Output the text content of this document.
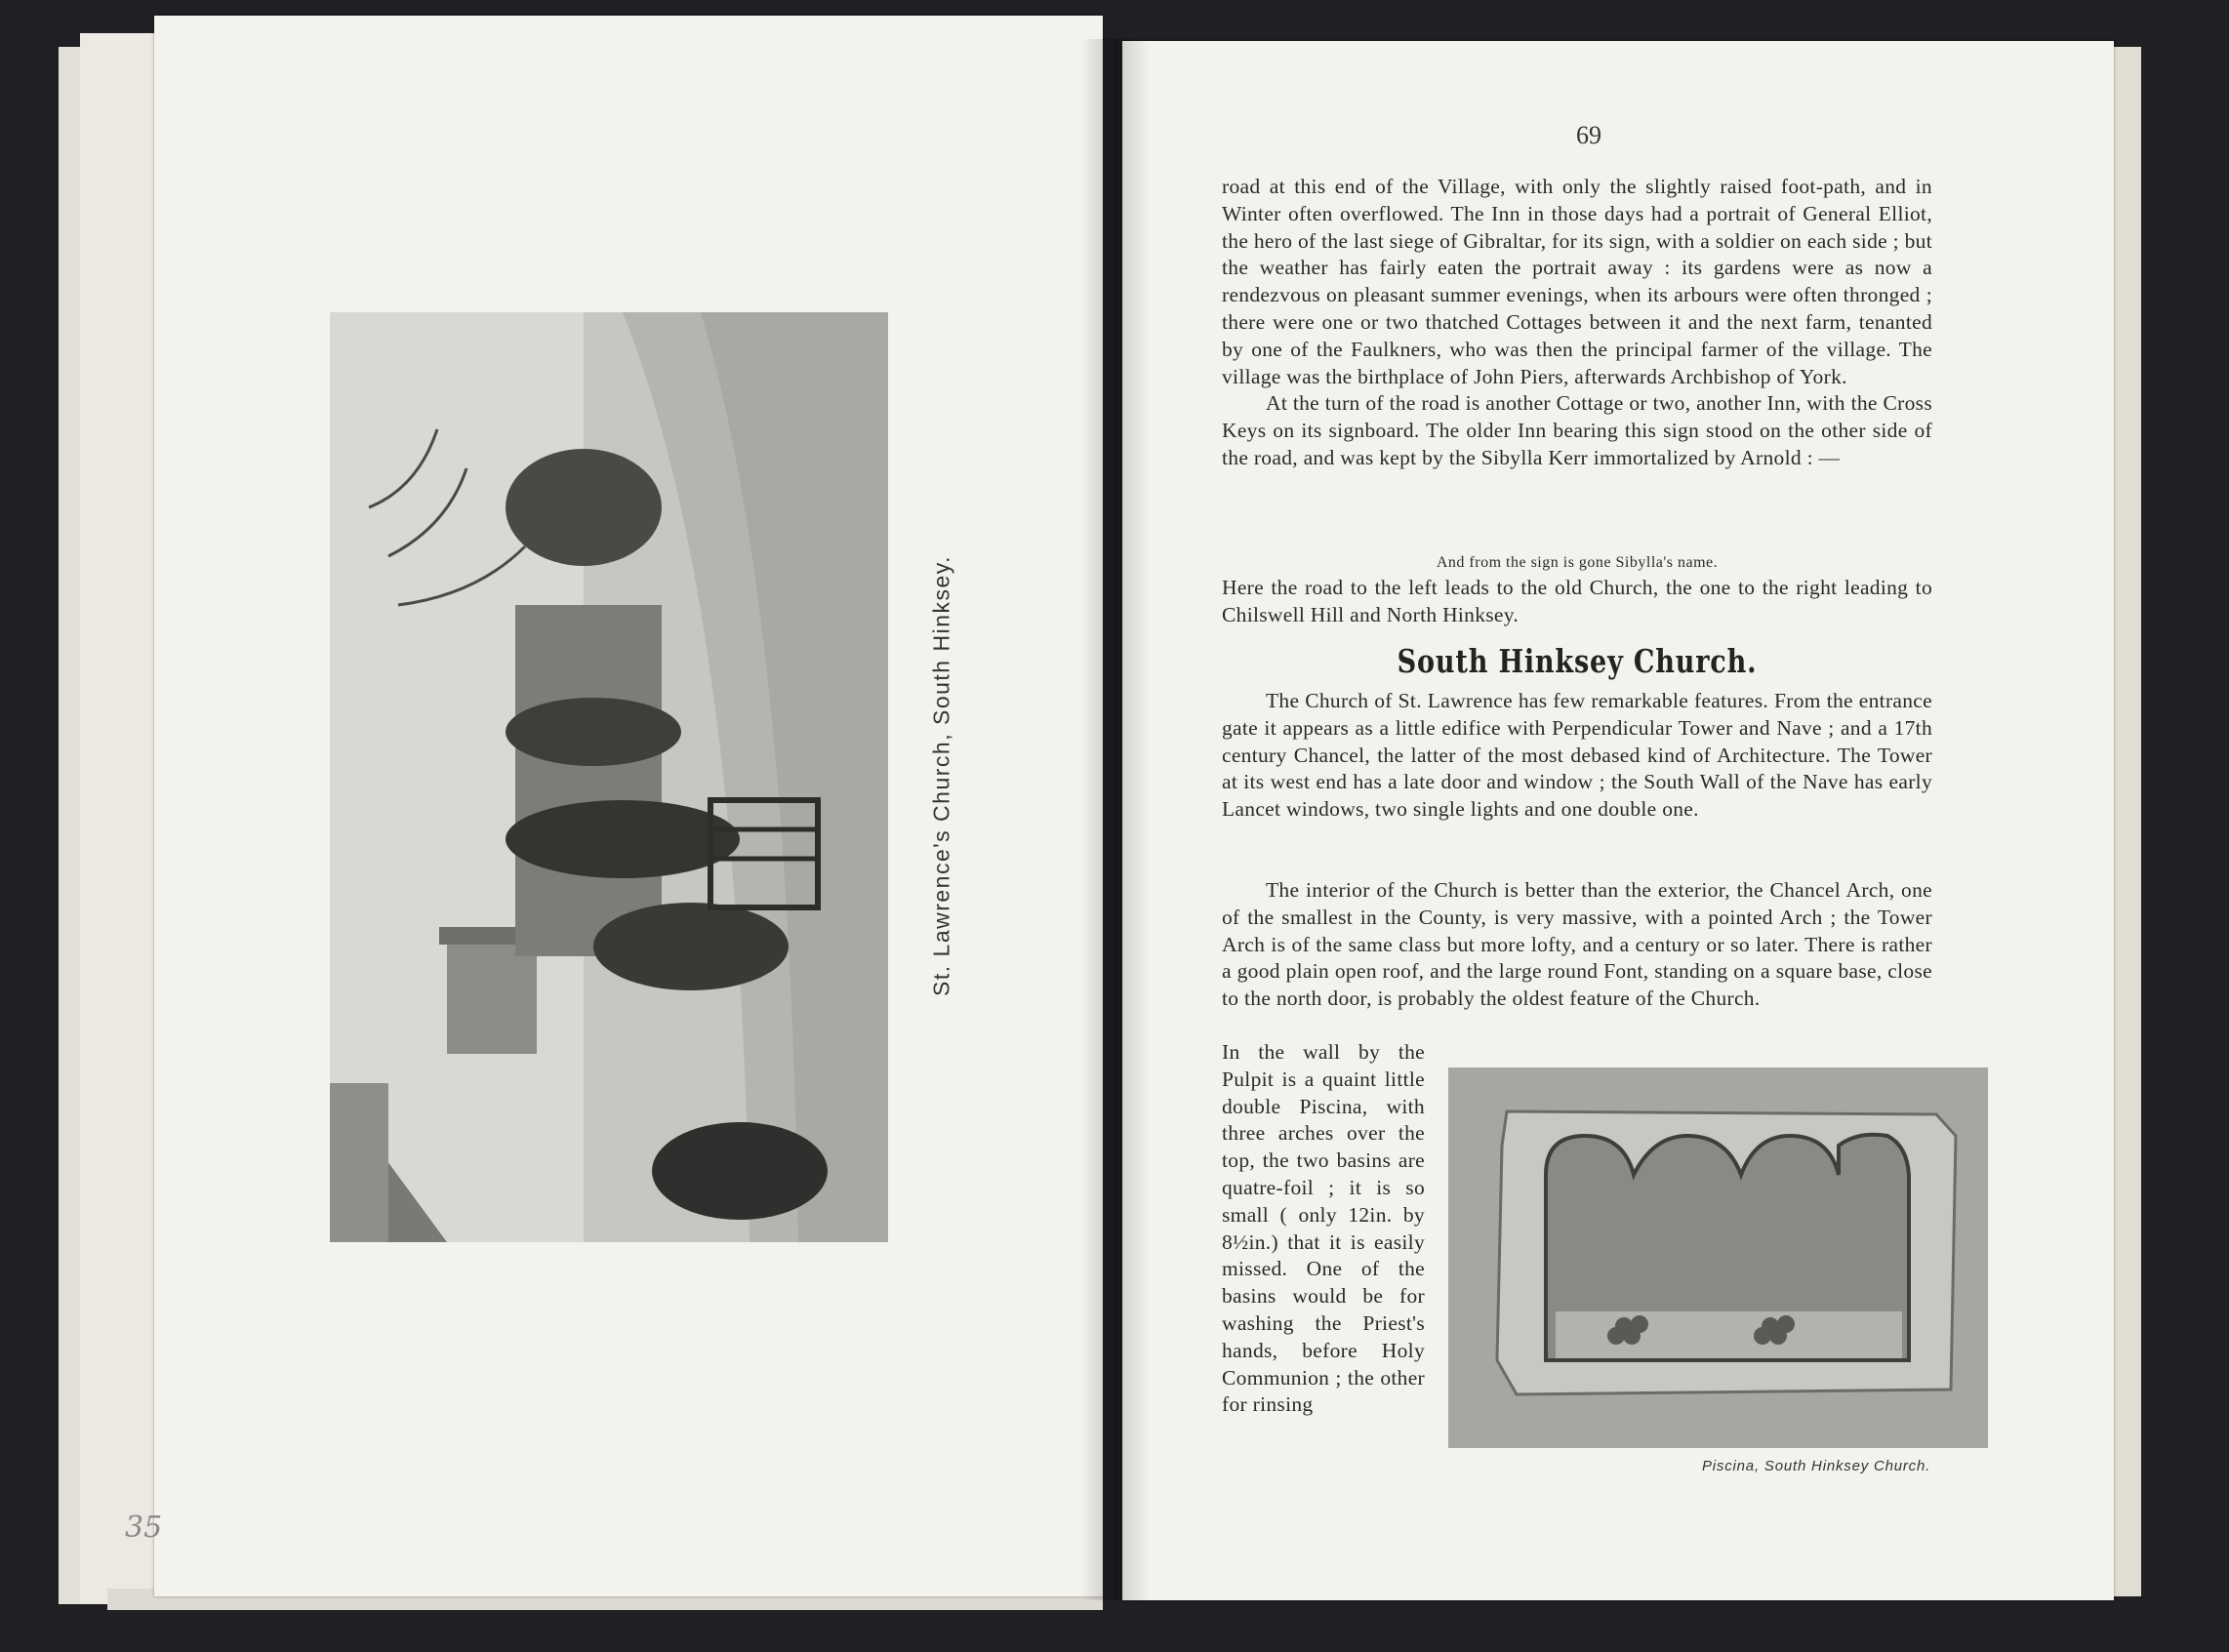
St. Lawrence's Church, South Hinksey.
35
69

road at this end of the Village, with only the slightly raised foot-path, and in Winter often overflowed. The Inn in those days had a portrait of General Elliot, the hero of the last siege of Gibraltar, for its sign, with a soldier on each side ; but the weather has fairly eaten the portrait away : its gardens were as now a rendezvous on pleasant summer evenings, when its arbours were often thronged ; there were one or two thatched Cottages between it and the next farm, tenanted by one of the Faulkners, who was then the principal farmer of the village. The village was the birthplace of John Piers, afterwards Archbishop of York.

At the turn of the road is another Cottage or two, another Inn, with the Cross Keys on its signboard. The older Inn bearing this sign stood on the other side of the road, and was kept by the Sibylla Kerr immortalized by Arnold : —

And from the sign is gone Sibylla's name.
Here the road to the left leads to the old Church, the one to the right leading to Chilswell Hill and North Hinksey.
South Hinksey Church.
The Church of St. Lawrence has few remarkable features. From the entrance gate it appears as a little edifice with Perpendicular Tower and Nave ; and a 17th century Chancel, the latter of the most debased kind of Architecture. The Tower at its west end has a late door and window ; the South Wall of the Nave has early Lancet windows, two single lights and one double one.
The interior of the Church is better than the exterior, the Chancel Arch, one of the smallest in the County, is very massive, with a pointed Arch ; the Tower Arch is of the same class but more lofty, and a century or so later. There is rather a good plain open roof, and the large round Font, standing on a square base, close to the north door, is probably the oldest feature of the Church.
In the wall by the Pulpit is a quaint little double Piscina, with three arches over the top, the two basins are quatre-foil ; it is so small ( only 12in. by 8½in.) that it is easily missed. One of the basins would be for washing the Priest's hands, before Holy Communion ; the other for rinsing
Piscina, South Hinksey Church.
